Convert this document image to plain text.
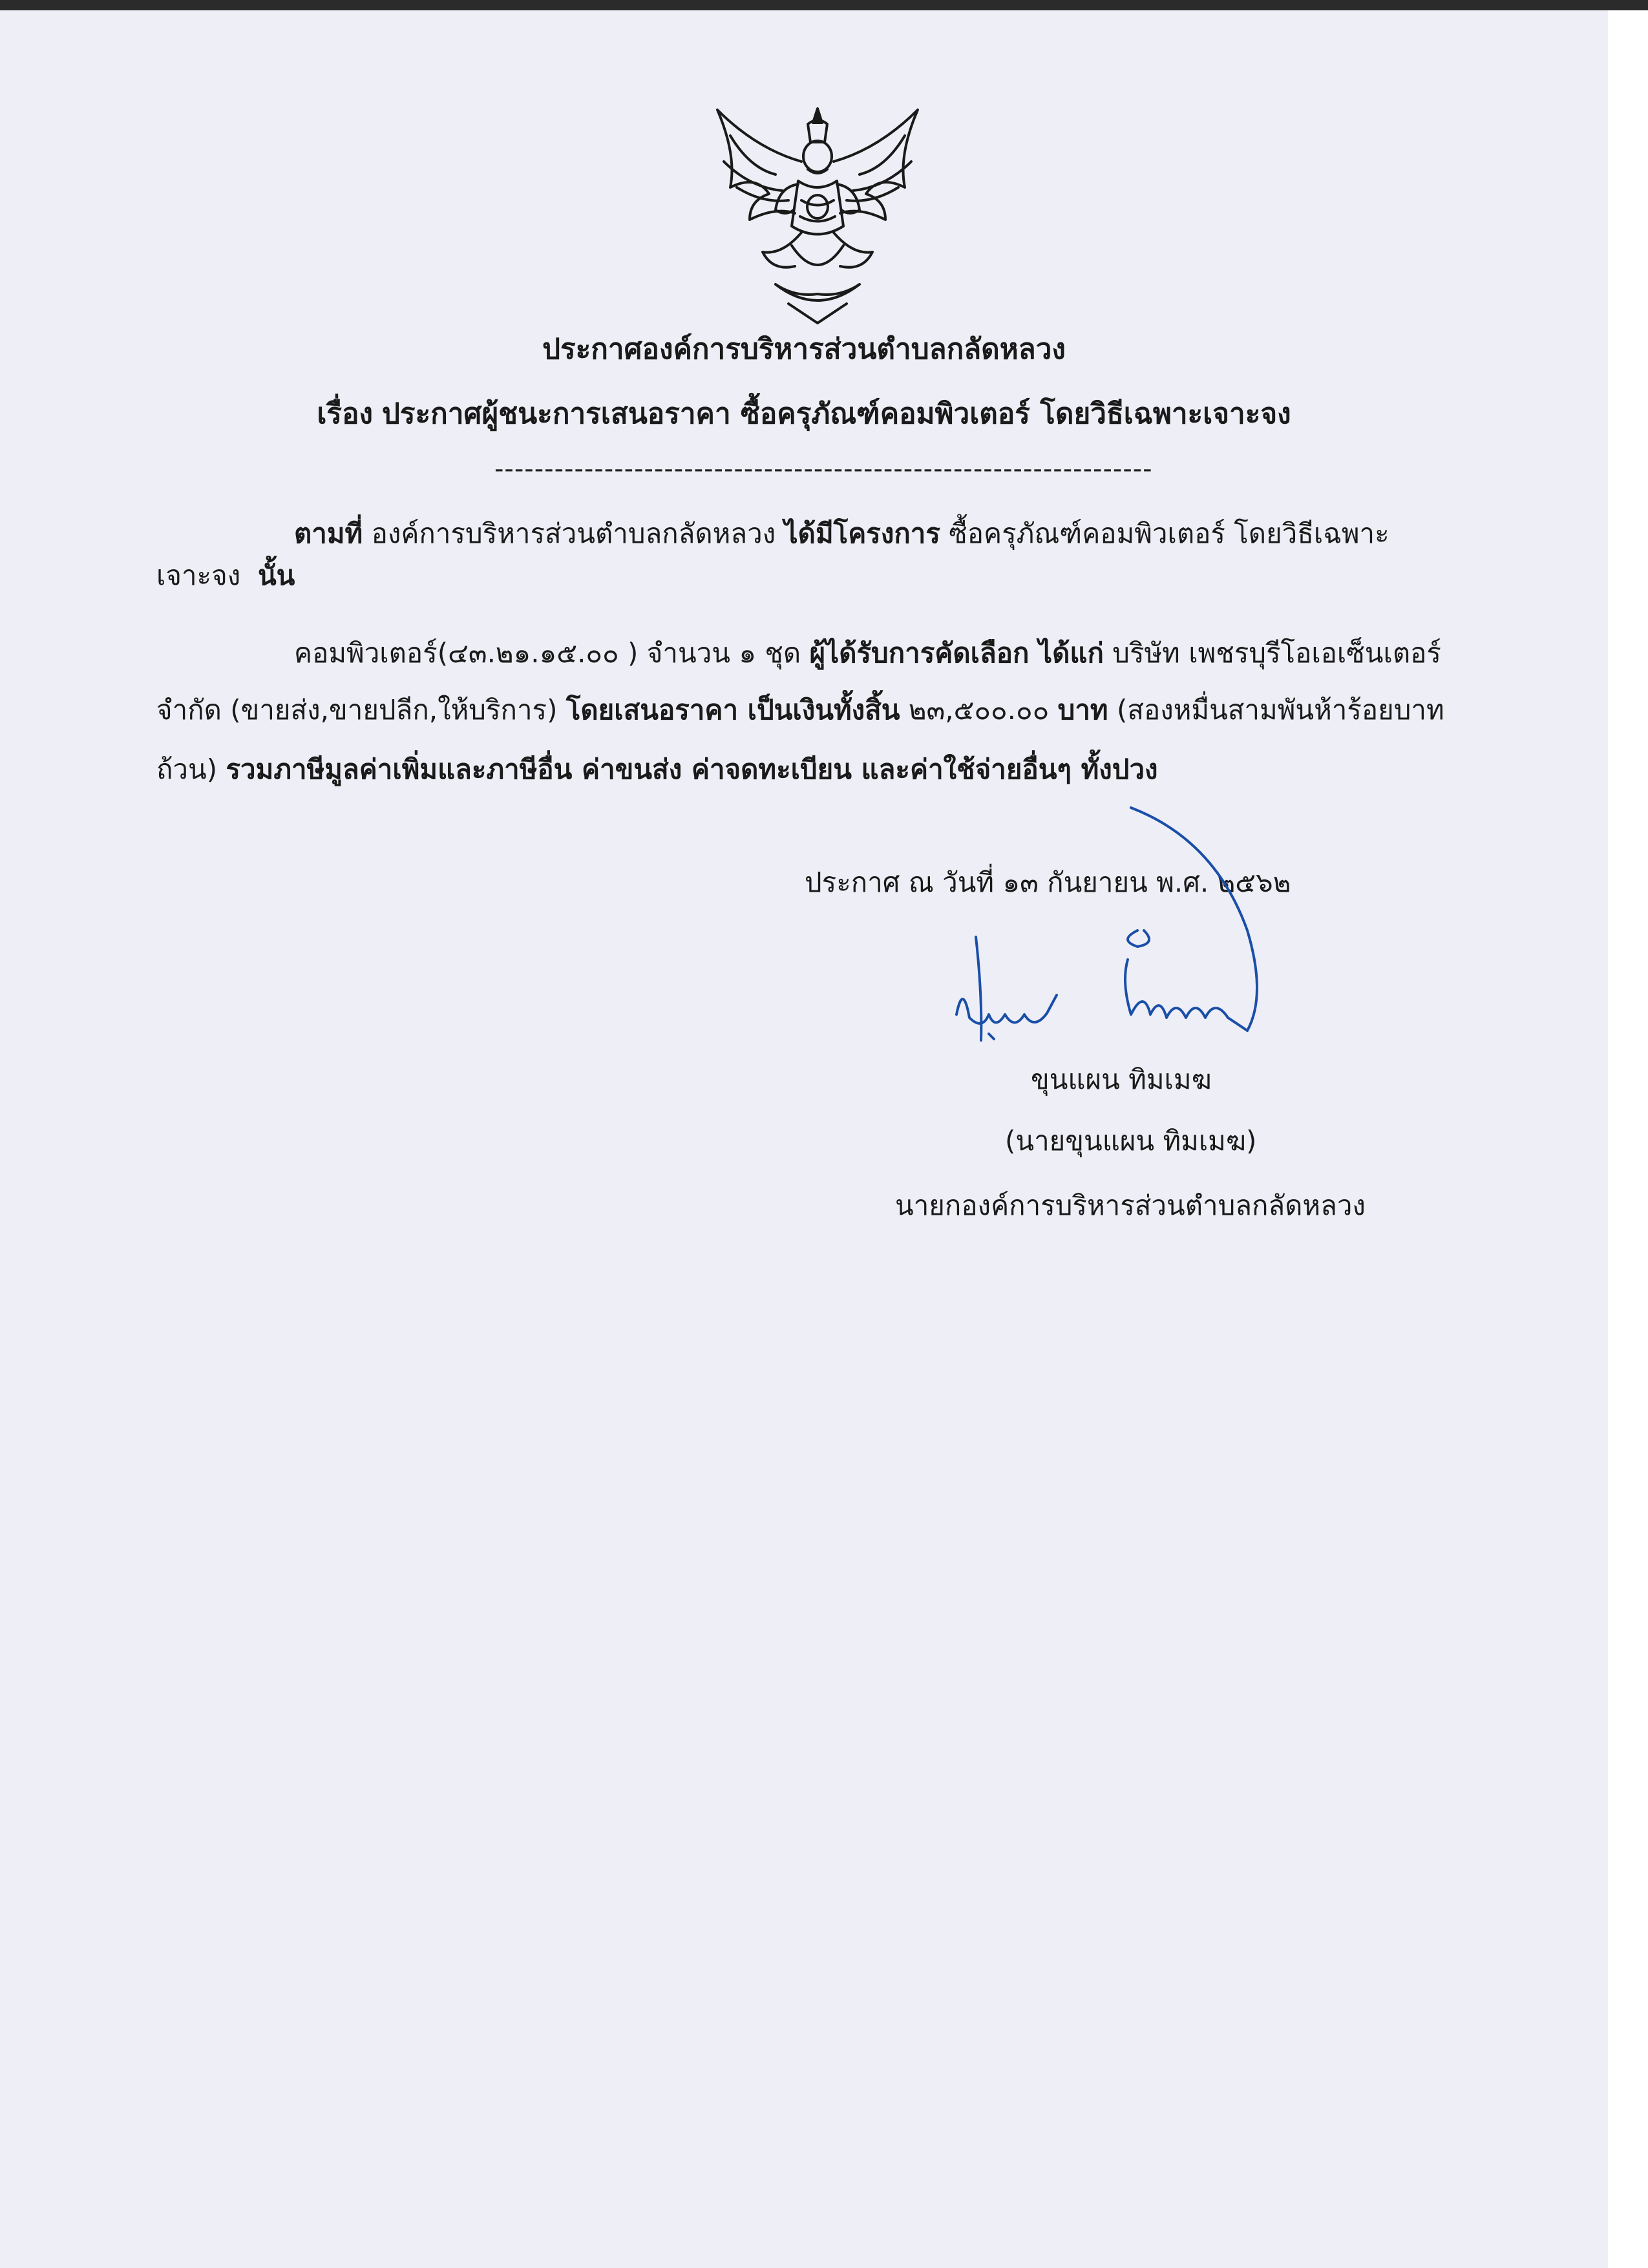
ประกาศองค์การบริหารส่วนตำบลกลัดหลวง
เรื่อง ประกาศผู้ชนะการเสนอราคา ซื้อครุภัณฑ์คอมพิวเตอร์ โดยวิธีเฉพาะเจาะจง
------------------------------------------------------------------
ตามที่ องค์การบริหารส่วนตำบลกลัดหลวง ได้มีโครงการ ซื้อครุภัณฑ์คอมพิวเตอร์ โดยวิธีเฉพาะ
เจาะจง นั้น
คอมพิวเตอร์(๔๓.๒๑.๑๕.๐๐ ) จำนวน ๑ ชุด ผู้ได้รับการคัดเลือก ได้แก่ บริษัท เพชรบุรีโอเอเซ็นเตอร์
จำกัด (ขายส่ง,ขายปลีก,ให้บริการ) โดยเสนอราคา เป็นเงินทั้งสิ้น ๒๓,๕๐๐.๐๐ บาท (สองหมื่นสามพันห้าร้อยบาท
ถ้วน) รวมภาษีมูลค่าเพิ่มและภาษีอื่น ค่าขนส่ง ค่าจดทะเบียน และค่าใช้จ่ายอื่นๆ ทั้งปวง
ประกาศ ณ วันที่ ๑๓ กันยายน พ.ศ. ๒๕๖๒
ขุนแผน ทิมเมฆ
(นายขุนแผน ทิมเมฆ)
นายกองค์การบริหารส่วนตำบลกลัดหลวง
